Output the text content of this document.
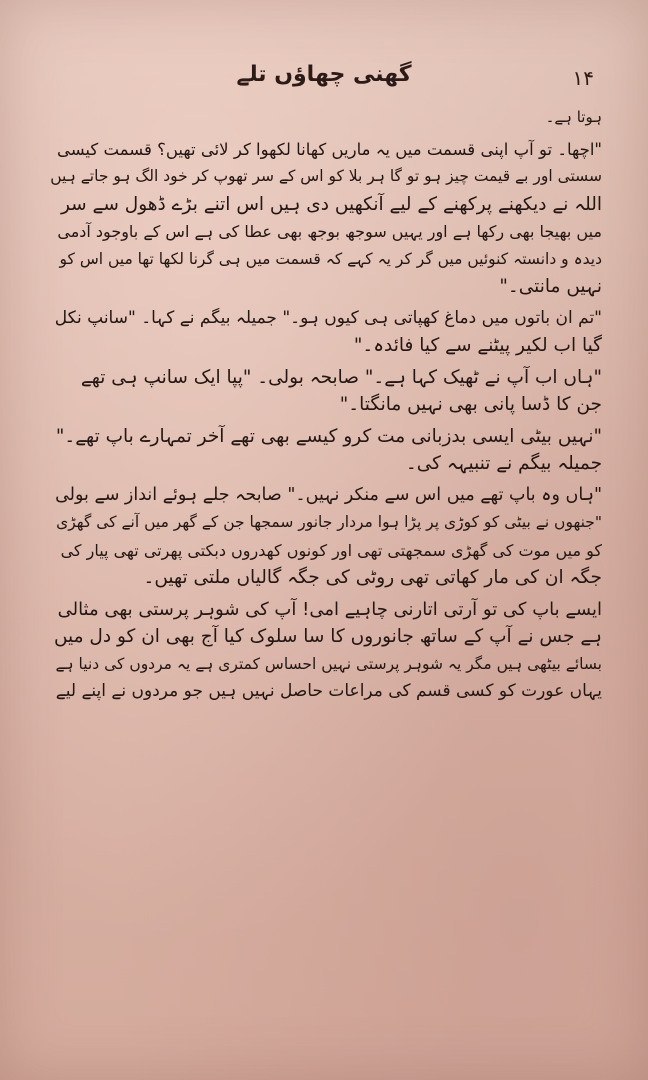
گھنی چھاؤں تلے	۱۴
ہوتا ہے۔
"اچھا۔ تو آپ اپنی قسمت میں یہ ماریں کھانا لکھوا کر لائی تھیں؟ قسمت کیسی
سستی اور بے قیمت چیز ہو تو گا ہر بلا کو اس کے سر تھوپ کر خود الگ ہو جاتے ہیں
اللہ نے دیکھنے پرکھنے کے لیے آنکھیں دی ہیں اس اتنے بڑے ڈھول سے سر
میں بھیجا بھی رکھا ہے اور یہیں سوجھ بوجھ بھی عطا کی ہے اس کے باوجود آدمی
دیدہ و دانستہ کنوئیں میں گر کر یہ کہے کہ قسمت میں ہی گرنا لکھا تھا میں اس کو
نہیں مانتی۔"
"تم ان باتوں میں دماغ کھپاتی ہی کیوں ہو۔" جمیلہ بیگم نے کہا۔ "سانپ نکل
گیا اب لکیر پیٹنے سے کیا فائدہ۔"
"ہاں اب آپ نے ٹھیک کہا ہے۔" صابحہ بولی۔ "پپا ایک سانپ ہی تھے
جن کا ڈسا پانی بھی نہیں مانگتا۔"
"نہیں بیٹی ایسی بدزبانی مت کرو کیسے بھی تھے آخر تمہارے باپ تھے۔"
جمیلہ بیگم نے تنبیہہ کی۔
"ہاں وہ باپ تھے میں اس سے منکر نہیں۔" صابحہ جلے ہوئے انداز سے بولی
"جنھوں نے بیٹی کو کوڑی پر پڑا ہوا مردار جانور سمجھا جن کے گھر میں آنے کی گھڑی
کو میں موت کی گھڑی سمجھتی تھی اور کونوں کھدروں دبکتی پھرتی تھی پیار کی
جگہ ان کی مار کھاتی تھی روٹی کی جگہ گالیاں ملتی تھیں۔
ایسے باپ کی تو آرتی اتارنی چاہیے امی! آپ کی شوہر پرستی بھی مثالی
ہے جس نے آپ کے ساتھ جانوروں کا سا سلوک کیا آج بھی ان کو دل میں
بسائے بیٹھی ہیں مگر یہ شوہر پرستی نہیں احساس کمتری ہے یہ مردوں کی دنیا ہے
یہاں عورت کو کسی قسم کی مراعات حاصل نہیں ہیں جو مردوں نے اپنے لیے
